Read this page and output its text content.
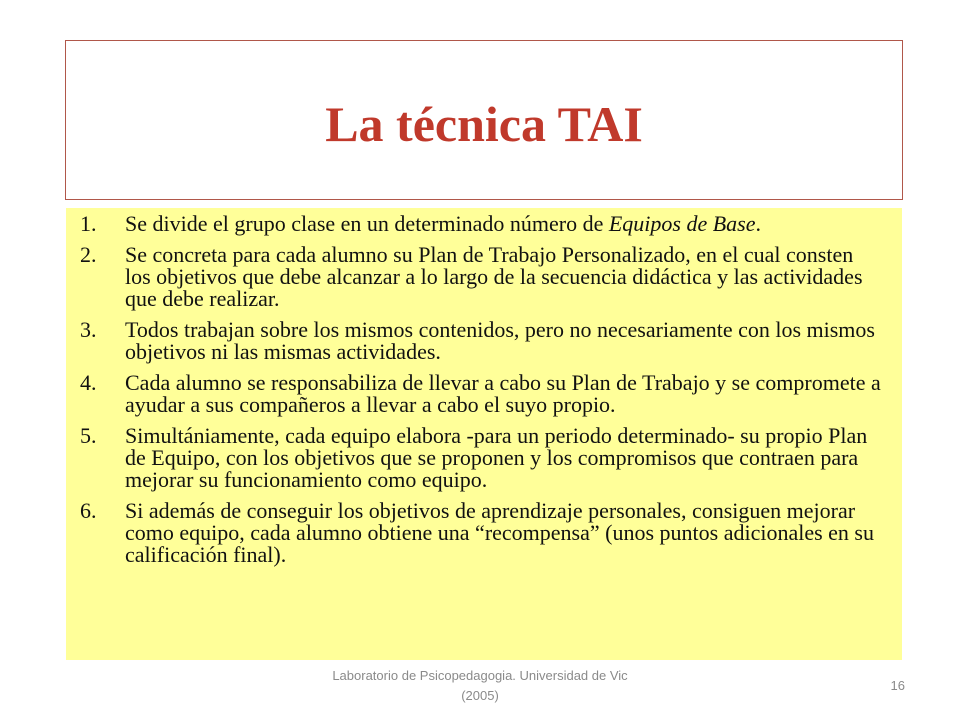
La técnica TAI
1.	Se divide el grupo clase en un determinado número de Equipos de Base.
2.	Se concreta para cada alumno su Plan de Trabajo Personalizado, en el cual consten los objetivos que debe alcanzar a lo largo de la secuencia didáctica y las actividades que debe realizar.
3.	Todos trabajan sobre los mismos contenidos, pero no necesariamente con los mismos objetivos ni las mismas actividades.
4.	Cada alumno se responsabiliza de llevar a cabo su Plan de Trabajo y se compromete a ayudar a sus compañeros a llevar a cabo el suyo propio.
5.	Simultániamente, cada equipo elabora -para un periodo determinado- su propio Plan de Equipo, con los objetivos que se proponen y los compromisos que contraen para mejorar su funcionamiento como equipo.
6.	Si además de conseguir los objetivos de aprendizaje personales, consiguen mejorar como equipo, cada alumno obtiene una “recompensa” (unos puntos adicionales en su calificación final).
Laboratorio de Psicopedagogia. Universidad de Vic (2005)
16
